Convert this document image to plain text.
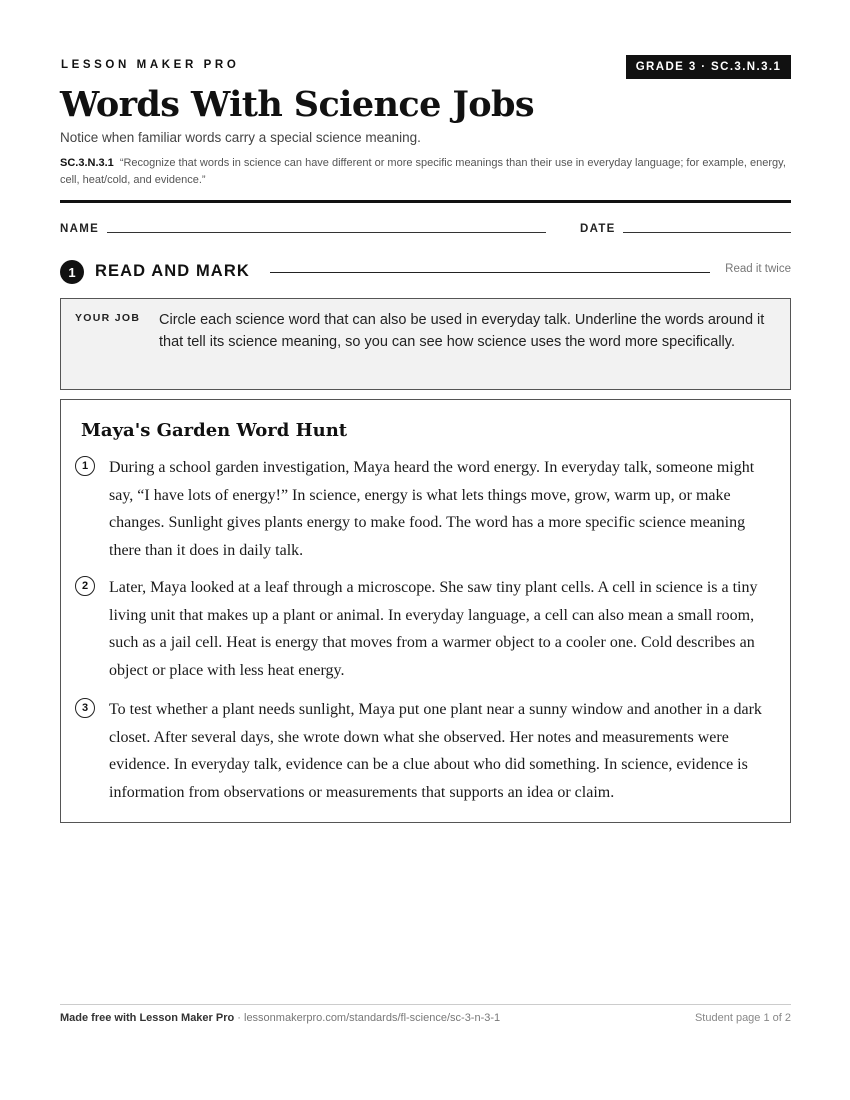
LESSON MAKER PRO	GRADE 3 · SC.3.N.3.1
Words With Science Jobs
Notice when familiar words carry a special science meaning.
SC.3.N.3.1 “Recognize that words in science can have different or more specific meanings than their use in everyday language; for example, energy, cell, heat/cold, and evidence.”
NAME	DATE
1	READ AND MARK	Read it twice
YOUR JOB Circle each science word that can also be used in everyday talk. Underline the words around it that tell its science meaning, so you can see how science uses the word more specifically.
Maya's Garden Word Hunt
1	During a school garden investigation, Maya heard the word energy. In everyday talk, someone might say, “I have lots of energy!” In science, energy is what lets things move, grow, warm up, or make changes. Sunlight gives plants energy to make food. The word has a more specific science meaning there than it does in daily talk.
2	Later, Maya looked at a leaf through a microscope. She saw tiny plant cells. A cell in science is a tiny living unit that makes up a plant or animal. In everyday language, a cell can also mean a small room, such as a jail cell. Heat is energy that moves from a warmer object to a cooler one. Cold describes an object or place with less heat energy.
3	To test whether a plant needs sunlight, Maya put one plant near a sunny window and another in a dark closet. After several days, she wrote down what she observed. Her notes and measurements were evidence. In everyday talk, evidence can be a clue about who did something. In science, evidence is information from observations or measurements that supports an idea or claim.
Made free with Lesson Maker Pro · lessonmakerpro.com/standards/fl-science/sc-3-n-3-1	Student page 1 of 2
